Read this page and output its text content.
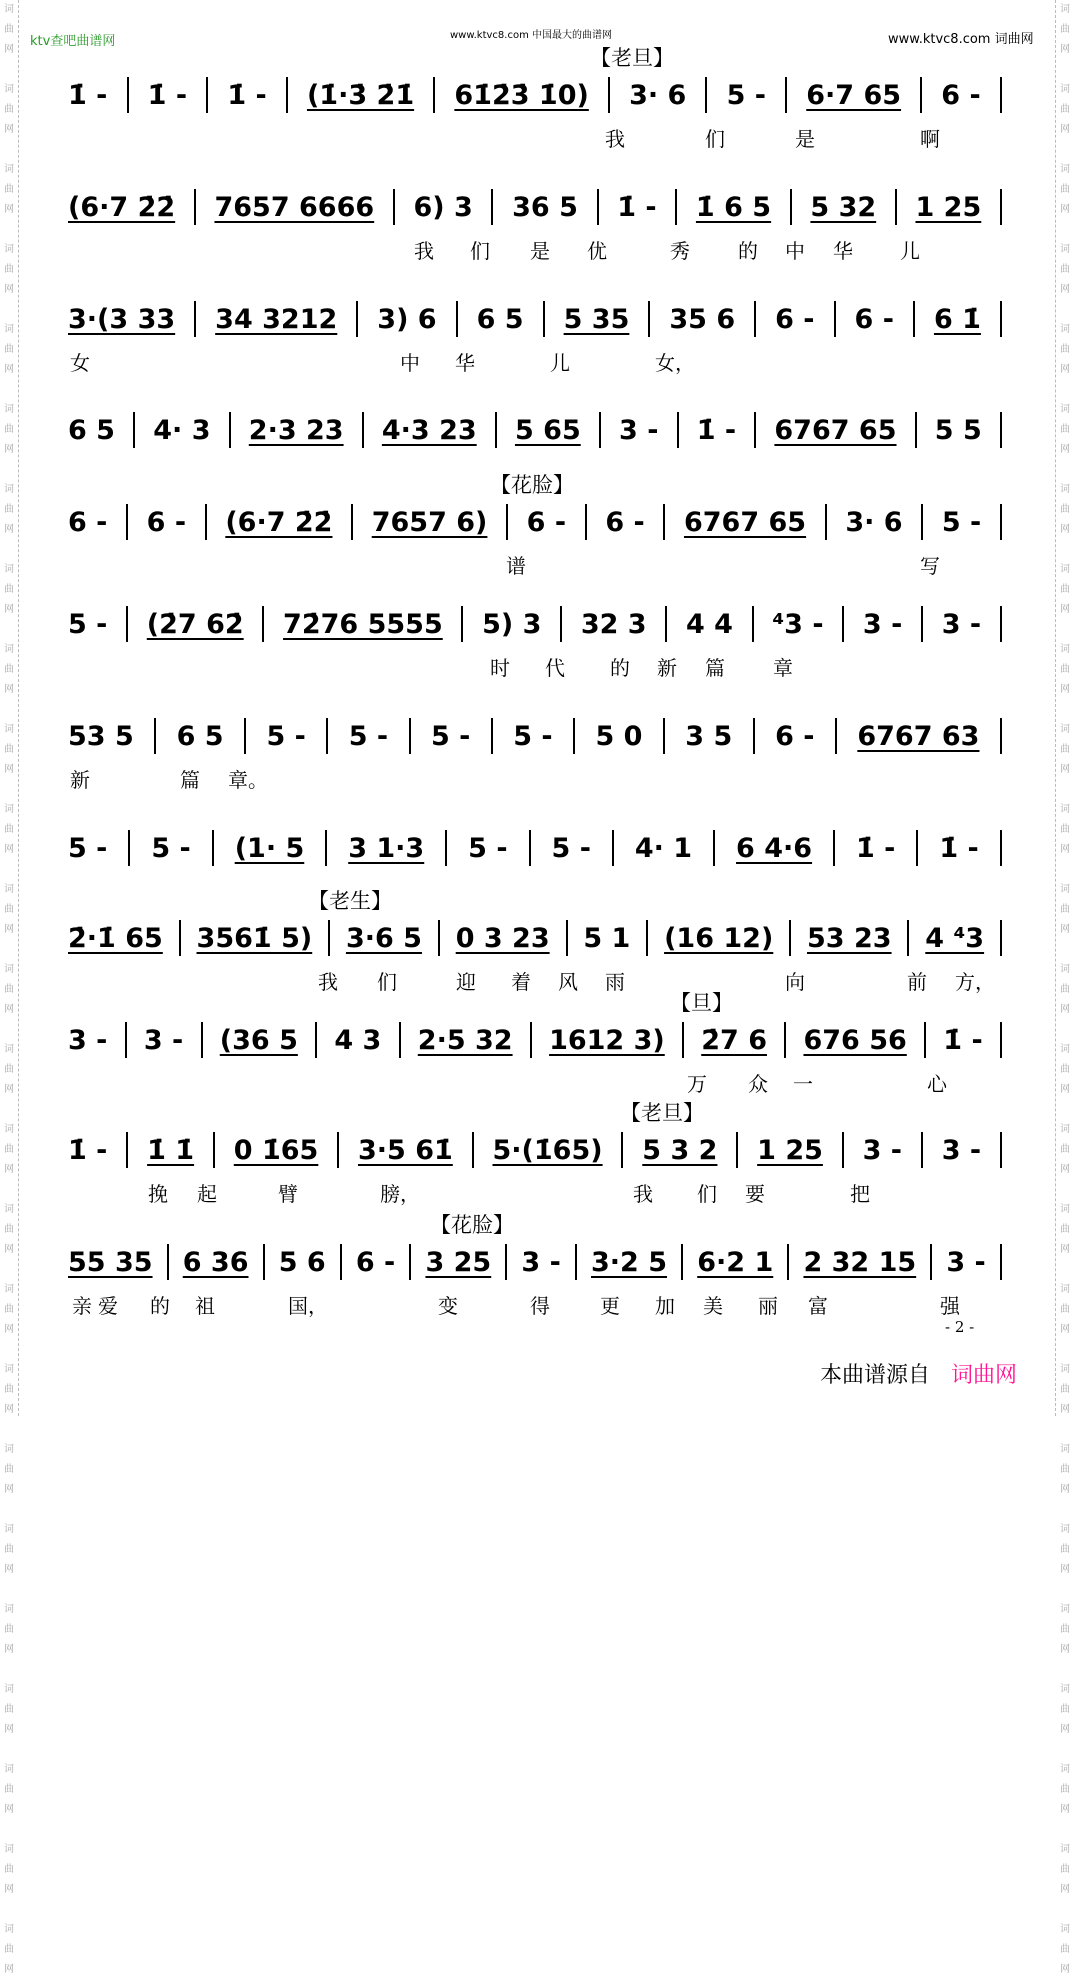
词
曲
网

词
曲
网

词
曲
网

词
曲
网

词
曲
网

词
曲
网

词
曲
网

词
曲
网

词
曲
网

词
曲
网

词
曲
网

词
曲
网

词
曲
网

词
曲
网

词
曲
网

词
曲
网

词
曲
网

词
曲
网

词
曲
网

词
曲
网

词
曲
网

词
曲
网

词
曲
网

词
曲
网

词
曲
网

词
曲
网

词
曲
网

词
曲
网

词
曲
网

词
曲
网

词
曲
网

词
曲
网

词
曲
网

词
曲
网

词
曲
网

词
曲
网

词
曲
网

词
曲
网

词
曲
网

词
曲
网

词
曲
网

词
曲
网

词
曲
网

词
曲
网

词
曲
网

词
曲
网

词
曲
网

词
曲
网

词
曲
网

词
曲
网

ktv查吧曲谱网	www.ktvc8.com 中国最大的曲谱网	www.ktvc8.com 词曲网
1̇ - 1̇ - 1̇ - (1̇·3̇ 2̇1̇ 61̇2̇3̇ 1̇0) 3· 6 5 - 6·7 65 6 -
我	们	是	啊
【老旦】
(6·7 2̇2̇ 7657 6666 6) 3 36 5 1̇ - 1̇ 6 5 5 32 1 25
我 们 是 优	秀 的 中 华 儿
3·(3 33 34 3212 3) 6 6 5 5 35 35 6 6 - 6 - 6 1̇
女	中 华	儿	女，
6 5 4· 3 2·3 23 4·3 23 5 65 3 - 1̇ - 6767 65 5 5
6 - 6 - (6·7 2̇2̇ 7657 6) 6 - 6 - 6767 65 3· 6 5 -
谱	写
【花脸】
5 - (2̇7 62̇ 72̇76 5555 5) 3 32 3 4 4 ⁴3 - 3 - 3 -
时 代 的 新 篇 章
53 5 6 5 5 - 5 - 5 - 5 - 5 0 3 5 6 - 6767 63
新	篇 章。
5 - 5 - (1· 5 3 1·3 5 - 5 - 4· 1 6 4·6 1̇ - 1̇ -
2̇·1̇ 65 3561̇ 5) 3·6 5 0 3 23 5 1 (16 12) 53 23 4 ⁴3
我 们	迎 着 风 雨	向	前 方，
【老生】
3 - 3 - (36 5 4 3 2·5 32 1612 3) 2̇7 6 676 56 1̇ -
万 众 一	心
【旦】
1̇ - 1̇ 1̇ 0 1̇65 3·5 61̇ 5·(1̇65) 5 3 2 1 25 3 - 3 -
挽 起	臂	膀，	我 们 要	把
【老旦】
55 35 6 36 5 6 6 - 3 25 3 - 3·2 5 6·2 1 2 32 15 3 -
亲 爱 的 祖	国，	变	得	更 加 美 丽 富	强
【花脸】
- 2 -
本曲谱源自 词曲网
